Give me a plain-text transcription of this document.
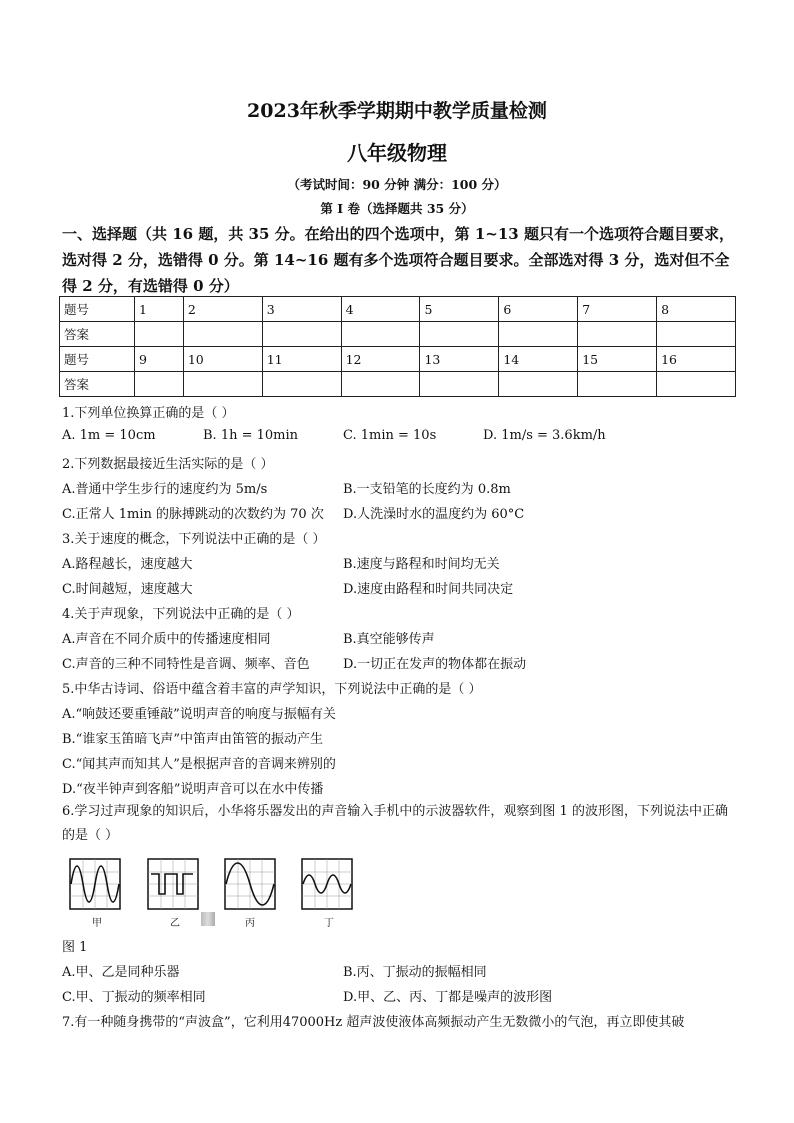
2023年秋季学期期中教学质量检测
八年级物理
（考试时间：90 分钟 满分：100 分）
第 I 卷（选择题共 35 分）
一、选择题（共 16 题，共 35 分。在给出的四个选项中，第 1~13 题只有一个选项符合题目要求，选对得 2 分，选错得 0 分。第 14~16 题有多个选项符合题目要求。全部选对得 3 分，选对但不全得 2 分，有选错得 0 分）
题号	1	2	3	4	5	6	7	8
答案								
题号	9	10	11	12	13	14	15	16
答案								
1.下列单位换算正确的是（ ）
A. 1m = 10cm	B. 1h = 10min	C. 1min = 10s	D. 1m/s = 3.6km/h
2.下列数据最接近生活实际的是（ ）
A.普通中学生步行的速度约为 5m/s	B.一支铅笔的长度约为 0.8m
C.正常人 1min 的脉搏跳动的次数约为 70 次 D.人洗澡时水的温度约为 60°C
3.关于速度的概念，下列说法中正确的是（ ）
A.路程越长，速度越大	B.速度与路程和时间均无关
C.时间越短，速度越大	D.速度由路程和时间共同决定
4.关于声现象，下列说法中正确的是（ ）
A.声音在不同介质中的传播速度相同	B.真空能够传声
C.声音的三种不同特性是音调、频率、音色	D.一切正在发声的物体都在振动
5.中华古诗词、俗语中蕴含着丰富的声学知识，下列说法中正确的是（ ）
A.“响鼓还要重锤敲”说明声音的响度与振幅有关
B.“谁家玉笛暗飞声”中笛声由笛管的振动产生
C.“闻其声而知其人”是根据声音的音调来辨别的
D.“夜半钟声到客船”说明声音可以在水中传播
6.学习过声现象的知识后，小华将乐器发出的声音输入手机中的示波器软件，观察到图 1 的波形图，下列说法中正确的是（ ）
甲	乙	丙	丁
图 1
A.甲、乙是同种乐器	B.丙、丁振动的振幅相同
C.甲、丁振动的频率相同	D.甲、乙、丙、丁都是噪声的波形图
7.有一种随身携带的“声波盒”，它利用47000Hz 超声波使液体高频振动产生无数微小的气泡，再立即使其破
